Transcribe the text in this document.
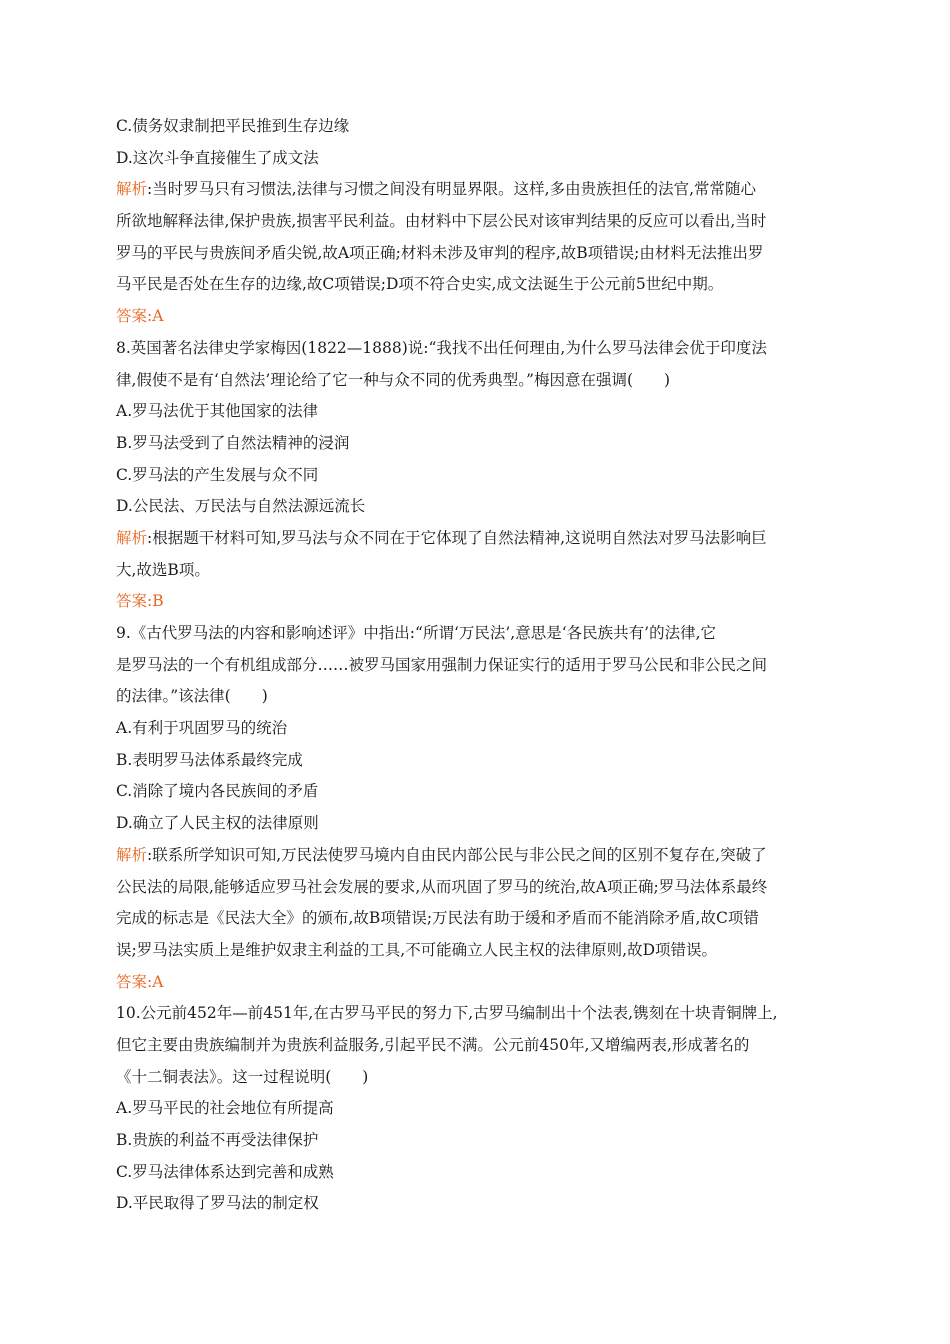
C.债务奴隶制把平民推到生存边缘
D.这次斗争直接催生了成文法
解析:当时罗马只有习惯法,法律与习惯之间没有明显界限。这样,多由贵族担任的法官,常常随心
所欲地解释法律,保护贵族,损害平民利益。由材料中下层公民对该审判结果的反应可以看出,当时
罗马的平民与贵族间矛盾尖锐,故A项正确;材料未涉及审判的程序,故B项错误;由材料无法推出罗
马平民是否处在生存的边缘,故C项错误;D项不符合史实,成文法诞生于公元前5世纪中期。
答案:A
8.英国著名法律史学家梅因(1822—1888)说:“我找不出任何理由,为什么罗马法律会优于印度法
律,假使不是有‘自然法’理论给了它一种与众不同的优秀典型。”梅因意在强调(　　)
A.罗马法优于其他国家的法律
B.罗马法受到了自然法精神的浸润
C.罗马法的产生发展与众不同
D.公民法、万民法与自然法源远流长
解析:根据题干材料可知,罗马法与众不同在于它体现了自然法精神,这说明自然法对罗马法影响巨
大,故选B项。
答案:B
9.《古代罗马法的内容和影响述评》中指出:“所谓‘万民法’,意思是‘各民族共有’的法律,它
是罗马法的一个有机组成部分……被罗马国家用强制力保证实行的适用于罗马公民和非公民之间
的法律。”该法律(　　)
A.有利于巩固罗马的统治
B.表明罗马法体系最终完成
C.消除了境内各民族间的矛盾
D.确立了人民主权的法律原则
解析:联系所学知识可知,万民法使罗马境内自由民内部公民与非公民之间的区别不复存在,突破了
公民法的局限,能够适应罗马社会发展的要求,从而巩固了罗马的统治,故A项正确;罗马法体系最终
完成的标志是《民法大全》的颁布,故B项错误;万民法有助于缓和矛盾而不能消除矛盾,故C项错
误;罗马法实质上是维护奴隶主利益的工具,不可能确立人民主权的法律原则,故D项错误。
答案:A
10.公元前452年—前451年,在古罗马平民的努力下,古罗马编制出十个法表,镌刻在十块青铜牌上,
但它主要由贵族编制并为贵族利益服务,引起平民不满。公元前450年,又增编两表,形成著名的
《十二铜表法》。这一过程说明(　　)
A.罗马平民的社会地位有所提高
B.贵族的利益不再受法律保护
C.罗马法律体系达到完善和成熟
D.平民取得了罗马法的制定权
